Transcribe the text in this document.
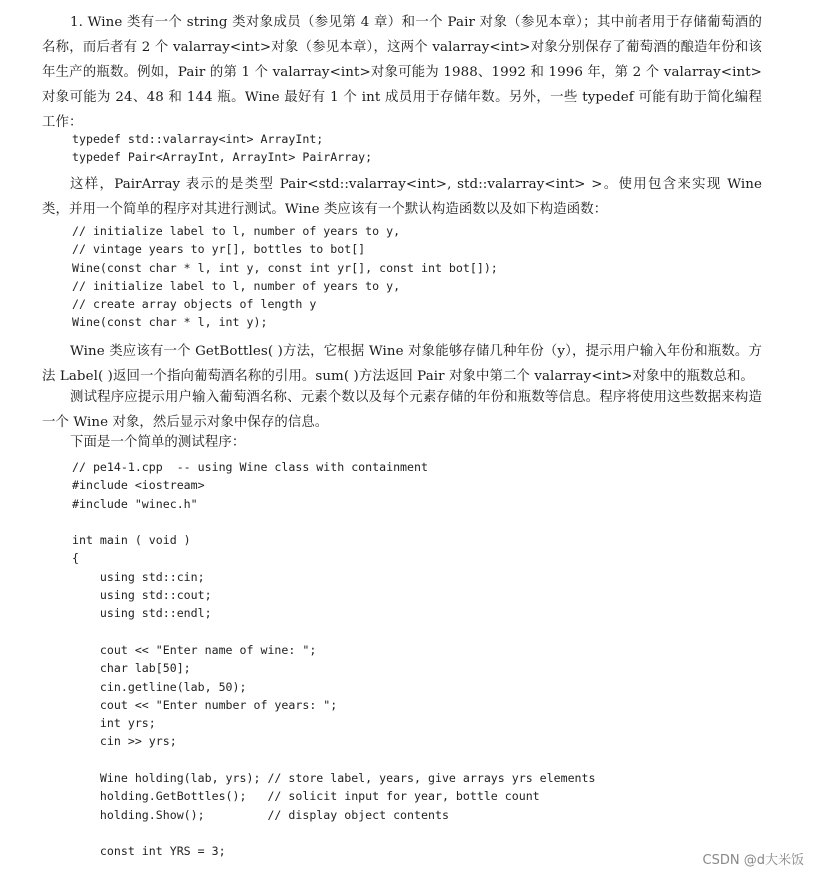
1. Wine 类有一个 string 类对象成员（参见第 4 章）和一个 Pair 对象（参见本章）；其中前者用于存储葡萄酒的名称，而后者有 2 个 valarray<int>对象（参见本章），这两个 valarray<int>对象分别保存了葡萄酒的酿造年份和该年生产的瓶数。例如，Pair 的第 1 个 valarray<int>对象可能为 1988、1992 和 1996 年，第 2 个 valarray<int>对象可能为 24、48 和 144 瓶。Wine 最好有 1 个 int 成员用于存储年数。另外，一些 typedef 可能有助于简化编程工作：

typedef std::valarray<int> ArrayInt;
typedef Pair<ArrayInt, ArrayInt> PairArray;

这样，PairArray 表示的是类型 Pair<std::valarray<int>, std::valarray<int> >。使用包含来实现 Wine 类，并用一个简单的程序对其进行测试。Wine 类应该有一个默认构造函数以及如下构造函数：

// initialize label to l, number of years to y,
// vintage years to yr[], bottles to bot[]
Wine(const char * l, int y, const int yr[], const int bot[]);
// initialize label to l, number of years to y,
// create array objects of length y
Wine(const char * l, int y);

Wine 类应该有一个 GetBottles( )方法，它根据 Wine 对象能够存储几种年份（y），提示用户输入年份和瓶数。方法 Label( )返回一个指向葡萄酒名称的引用。sum( )方法返回 Pair 对象中第二个 valarray<int>对象中的瓶数总和。

测试程序应提示用户输入葡萄酒名称、元素个数以及每个元素存储的年份和瓶数等信息。程序将使用这些数据来构造一个 Wine 对象，然后显示对象中保存的信息。

下面是一个简单的测试程序：

// pe14-1.cpp  -- using Wine class with containment
#include <iostream>
#include "winec.h"

int main ( void )
{
using std::cin;
using std::cout;
using std::endl;

cout << "Enter name of wine: ";
char lab[50];
cin.getline(lab, 50);
cout << "Enter number of years: ";
int yrs;
cin >> yrs;

Wine holding(lab, yrs); // store label, years, give arrays yrs elements
holding.GetBottles();   // solicit input for year, bottle count
holding.Show();         // display object contents

const int YRS = 3;
CSDN @d大米饭
